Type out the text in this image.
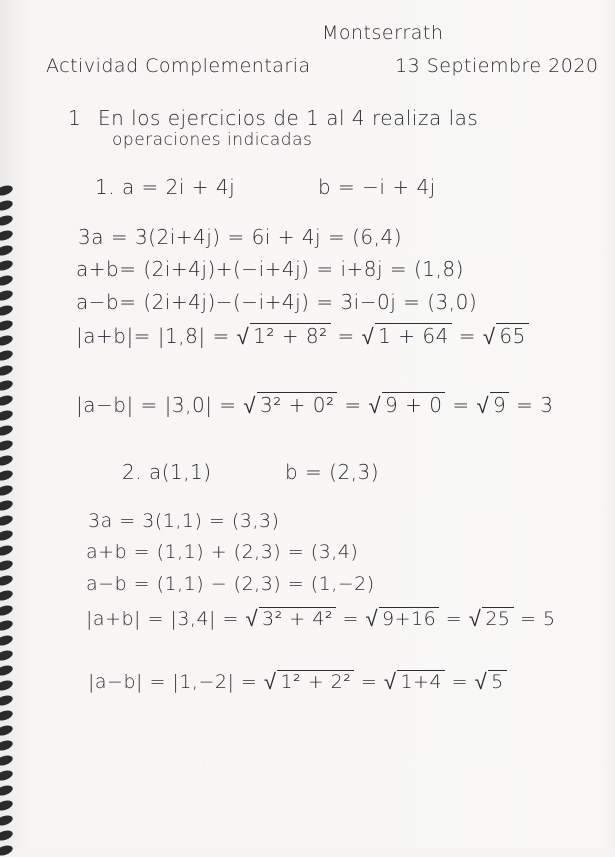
Montserrath
Actividad Complementaria	13 Septiembre 2020
1 En los ejercicios de 1 al 4 realiza las
operaciones indicadas
1. a = 2i + 4j	b = −i + 4j
3a = 3(2i+4j) = 6i + 4j = (6,4)
a+b= (2i+4j)+(−i+4j) = i+8j = (1,8)
a−b= (2i+4j)−(−i+4j) = 3i−0j = (3,0)
|a+b|= |1,8| = √ 1² + 8² = √ 1 + 64 = √ 65
|a−b| = |3,0| = √ 3² + 0² = √ 9 + 0 = √ 9 = 3
2. a(1,1)	b = (2,3)
3a = 3(1,1) = (3,3)
a+b = (1,1) + (2,3) = (3,4)
a−b = (1,1) − (2,3) = (1,−2)
|a+b| = |3,4| = √ 3² + 4² = √ 9+16 = √ 25 = 5
|a−b| = |1,−2| = √ 1² + 2² = √ 1+4 = √ 5
